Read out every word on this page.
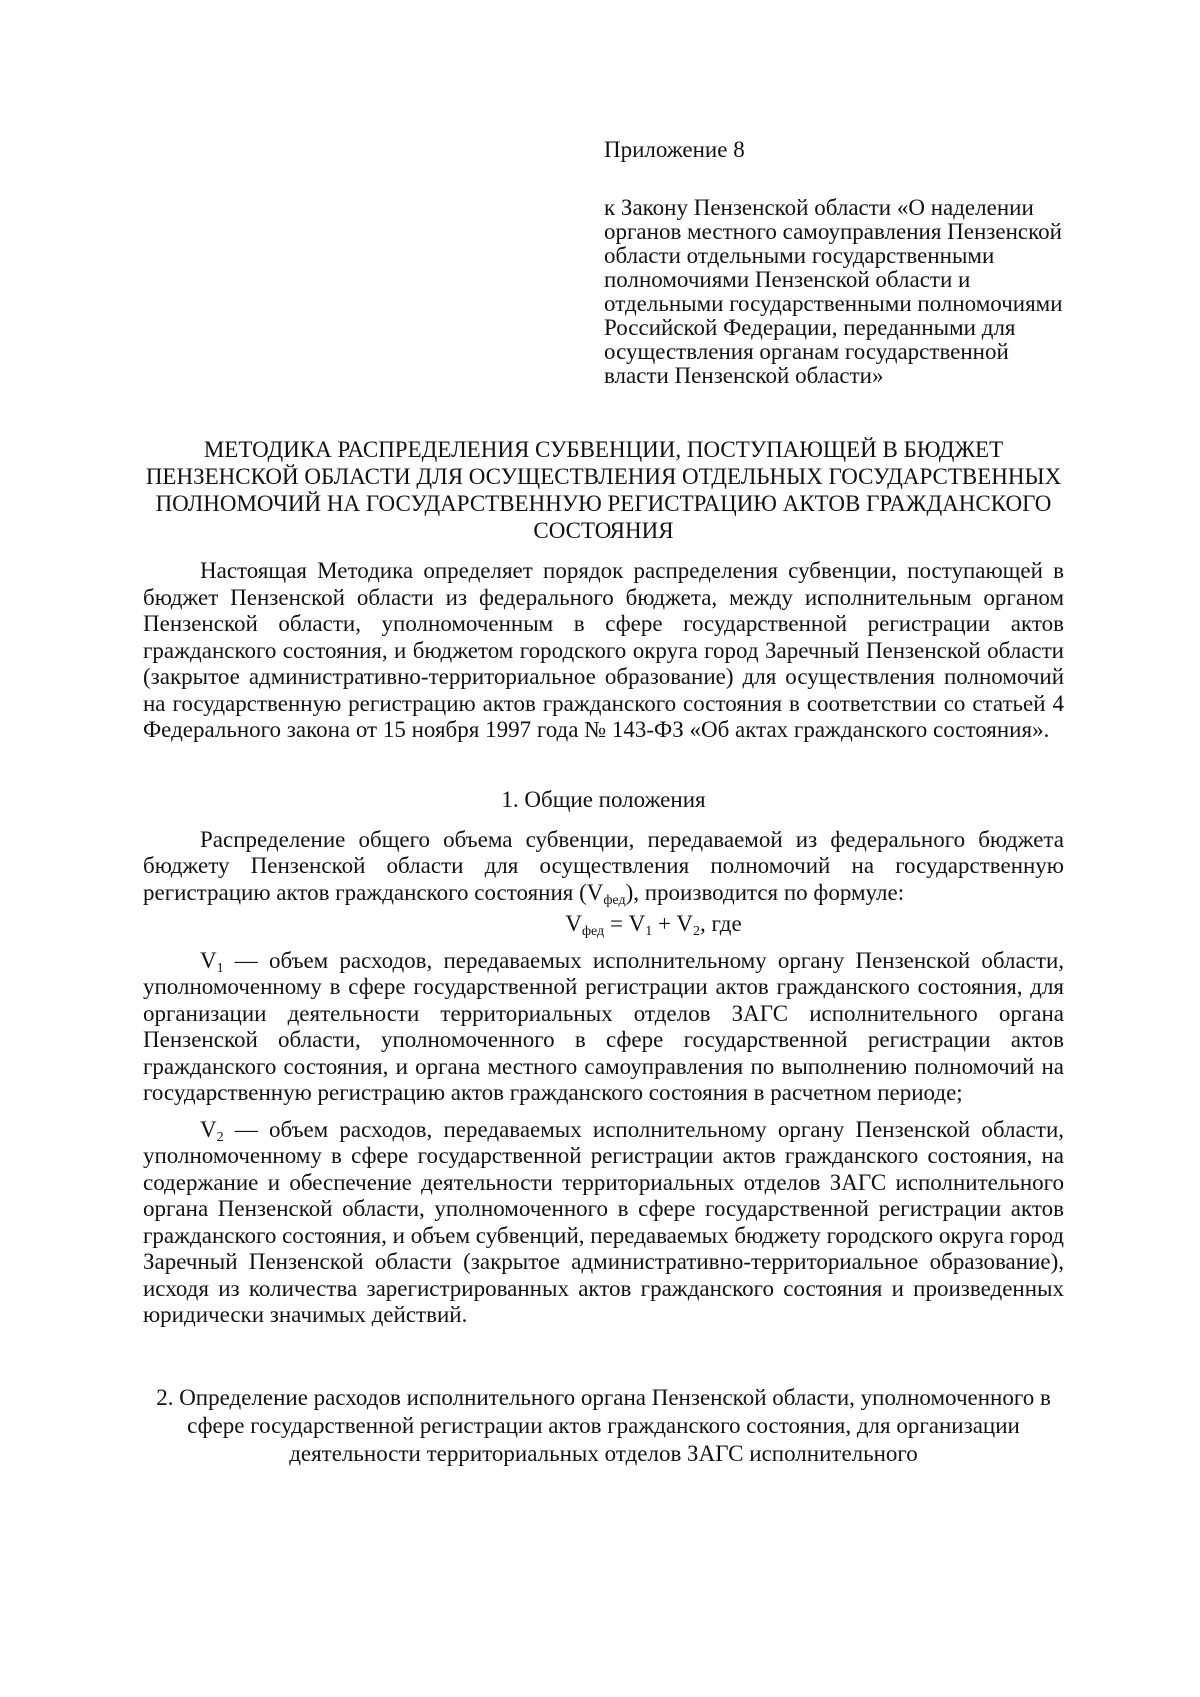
Приложение 8

к Закону Пензенской области «О наделении органов местного самоуправления Пензенской области отдельными государственными полномочиями Пензенской области и отдельными государственными полномочиями Российской Федерации, переданными для осуществления органам государственной власти Пензенской области»

МЕТОДИКА РАСПРЕДЕЛЕНИЯ СУБВЕНЦИИ, ПОСТУПАЮЩЕЙ В БЮДЖЕТ ПЕНЗЕНСКОЙ ОБЛАСТИ ДЛЯ ОСУЩЕСТВЛЕНИЯ ОТДЕЛЬНЫХ ГОСУДАРСТВЕННЫХ ПОЛНОМОЧИЙ НА ГОСУДАРСТВЕННУЮ РЕГИСТРАЦИЮ АКТОВ ГРАЖДАНСКОГО СОСТОЯНИЯ

Настоящая Методика определяет порядок распределения субвенции, поступающей в бюджет Пензенской области из федерального бюджета, между исполнительным органом Пензенской области, уполномоченным в сфере государственной регистрации актов гражданского состояния, и бюджетом городского округа город Заречный Пензенской области (закрытое административно-территориальное образование) для осуществления полномочий на государственную регистрацию актов гражданского состояния в соответствии со статьей 4 Федерального закона от 15 ноября 1997 года № 143-ФЗ «Об актах гражданского состояния».

1. Общие положения

Распределение общего объема субвенции, передаваемой из федерального бюджета бюджету Пензенской области для осуществления полномочий на государственную регистрацию актов гражданского состояния $(V_{фед})$, производится по формуле:

$V_{фед} = V_1 + V_2$, где

$V_1$ — объем расходов, передаваемых исполнительному органу Пензенской области, уполномоченному в сфере государственной регистрации актов гражданского состояния, для организации деятельности территориальных отделов ЗАГС исполнительного органа Пензенской области, уполномоченного в сфере государственной регистрации актов гражданского состояния, и органа местного самоуправления по выполнению полномочий на государственную регистрацию актов гражданского состояния в расчетном периоде;

$V_2$ — объем расходов, передаваемых исполнительному органу Пензенской области, уполномоченному в сфере государственной регистрации актов гражданского состояния, на содержание и обеспечение деятельности территориальных отделов ЗАГС исполнительного органа Пензенской области, уполномоченного в сфере государственной регистрации актов гражданского состояния, и объем субвенций, передаваемых бюджету городского округа город Заречный Пензенской области (закрытое административно-территориальное образование), исходя из количества зарегистрированных актов гражданского состояния и произведенных юридически значимых действий.

2. Определение расходов исполнительного органа Пензенской области, уполномоченного в сфере государственной регистрации актов гражданского состояния, для организации деятельности территориальных отделов ЗАГС исполнительного
